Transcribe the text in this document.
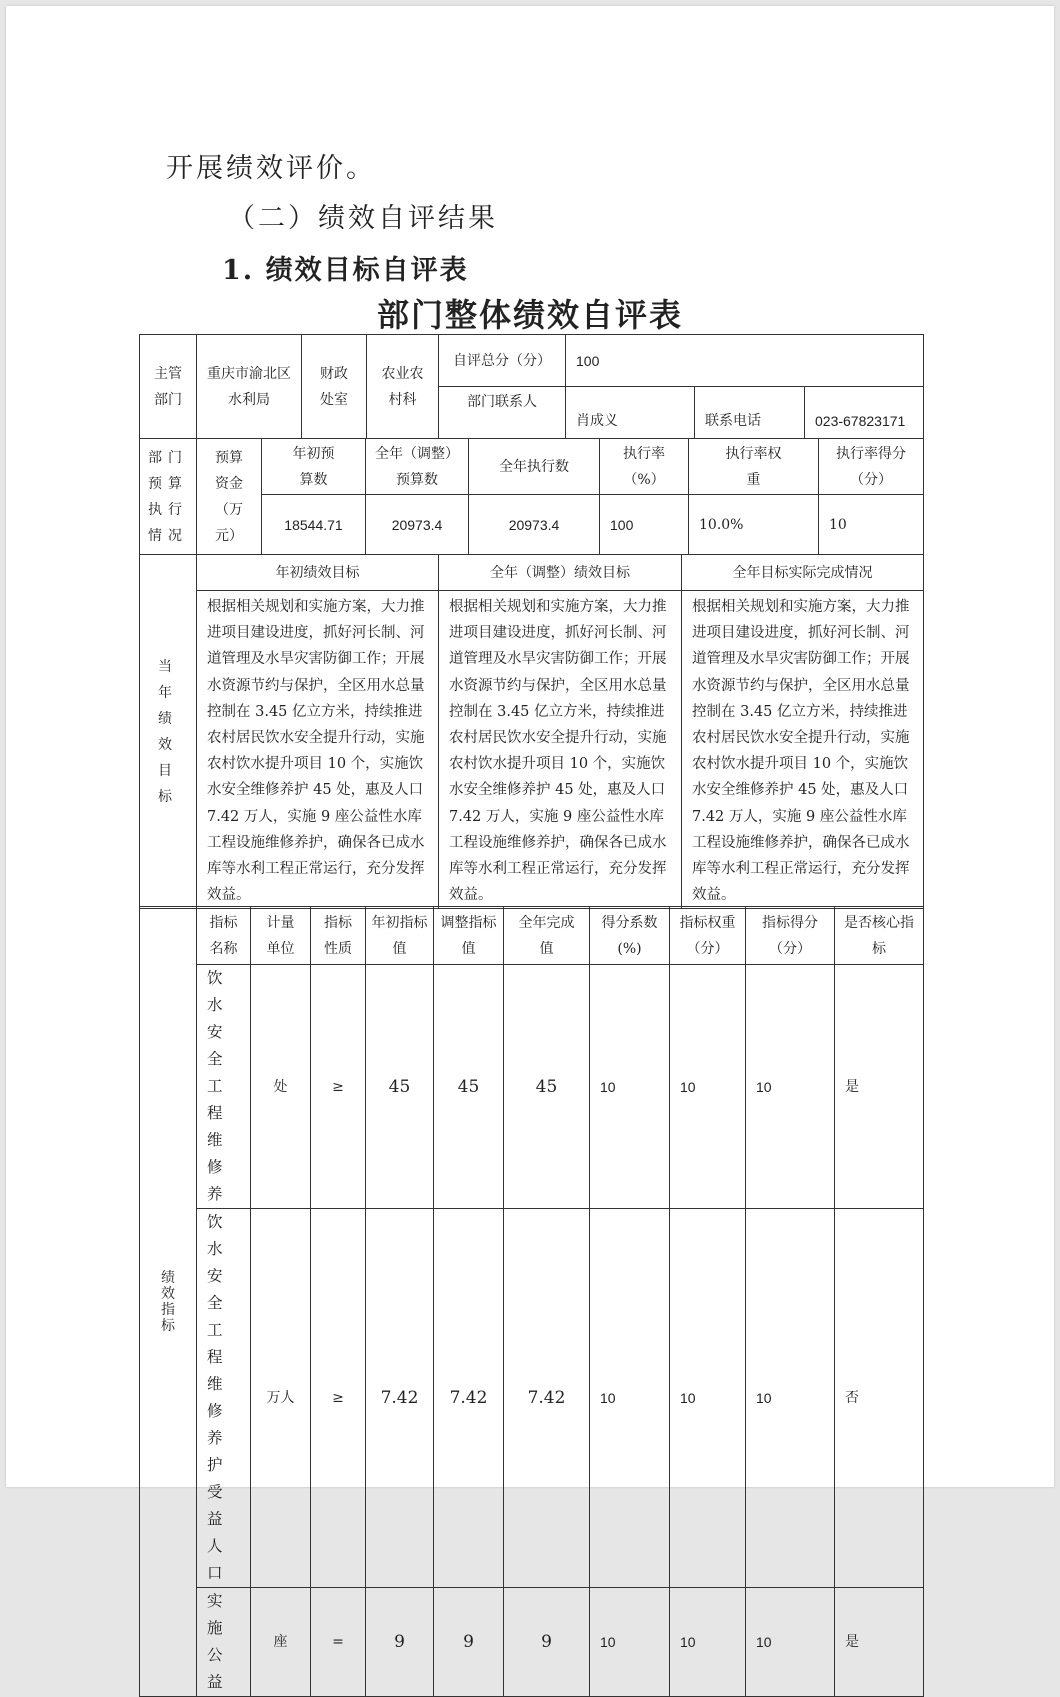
开展绩效评价。
（二）绩效自评结果
1. 绩效目标自评表
部门整体绩效自评表
主管部门	重庆市渝北区水利局	财政处室	农业农村科	自评总分（分）	100		
				部门联系人	肖成义	联系电话	023-67823171
部门预算执行情况	预算资金（万元）	年初预算数	全年（调整）预算数	全年执行数	执行率（%）	执行率权重	执行率得分（分）
		18544.71	20973.4	20973.4	100	10.0%	10
当年绩效目标	年初绩效目标	全年（调整）绩效目标	全年目标实际完成情况
	根据相关规划和实施方案，大力推进项目建设进度，抓好河长制、河道管理及水旱灾害防御工作；开展水资源节约与保护，全区用水总量控制在 3.45 亿立方米，持续推进农村居民饮水安全提升行动，实施农村饮水提升项目 10 个，实施饮水安全维修养护 45 处，惠及人口 7.42 万人，实施 9 座公益性水库工程设施维修养护，确保各已成水库等水利工程正常运行，充分发挥效益。	根据相关规划和实施方案，大力推进项目建设进度，抓好河长制、河道管理及水旱灾害防御工作；开展水资源节约与保护，全区用水总量控制在 3.45 亿立方米，持续推进农村居民饮水安全提升行动，实施农村饮水提升项目 10 个，实施饮水安全维修养护 45 处，惠及人口 7.42 万人，实施 9 座公益性水库工程设施维修养护，确保各已成水库等水利工程正常运行，充分发挥效益。	根据相关规划和实施方案，大力推进项目建设进度，抓好河长制、河道管理及水旱灾害防御工作；开展水资源节约与保护，全区用水总量控制在 3.45 亿立方米，持续推进农村居民饮水安全提升行动，实施农村饮水提升项目 10 个，实施饮水安全维修养护 45 处，惠及人口 7.42 万人，实施 9 座公益性水库工程设施维修养护，确保各已成水库等水利工程正常运行，充分发挥效益。
绩效指标	指标名称	计量单位	指标性质	年初指标值	调整指标值	全年完成值	得分系数(%)	指标权重（分）	指标得分（分）	是否核心指标
	饮水安全工程维修养	处	≥	45	45	45	10	10	10	是
	饮水安全工程维修养护受益人口	万人	≥	7.42	7.42	7.42	10	10	10	否
	实施公益	座	=	9	9	9	10	10	10	是
